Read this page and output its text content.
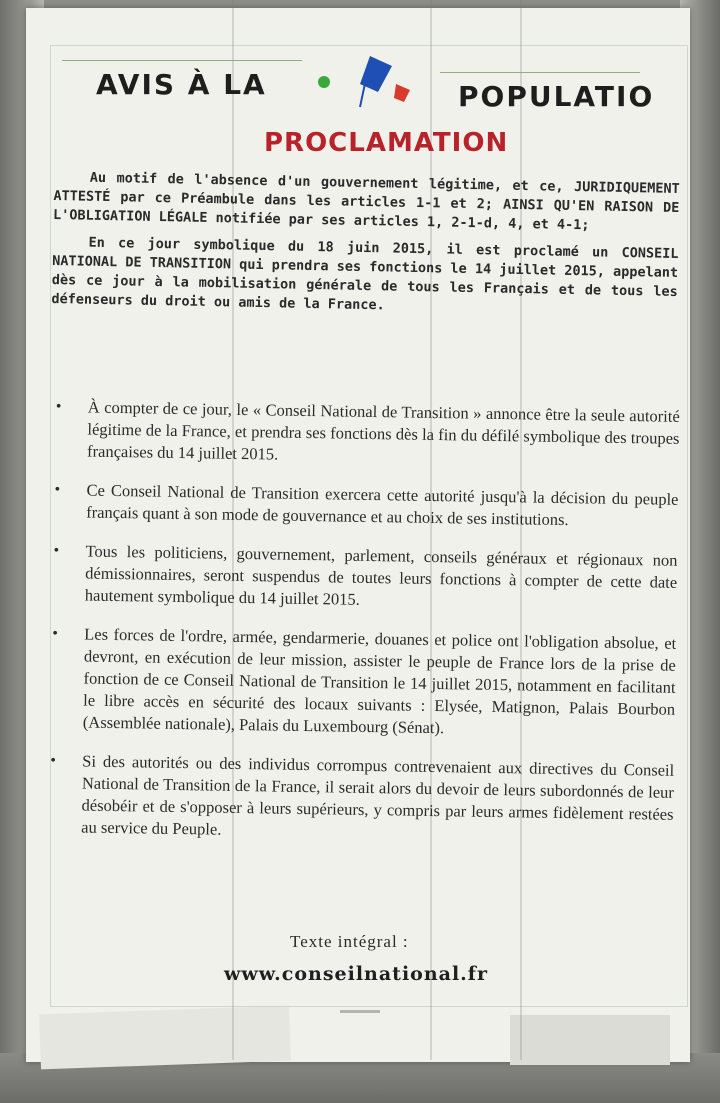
AVIS À LA	POPULATIO
PROCLAMATION

Au motif de l'absence d'un gouvernement légitime, et ce, JURIDIQUEMENT ATTESTÉ par ce Préambule dans les articles 1-1 et 2; AINSI QU'EN RAISON DE L'OBLIGATION LÉGALE notifiée par ses articles 1, 2-1-d, 4, et 4-1;

En ce jour symbolique du 18 juin 2015, il est proclamé un CONSEIL NATIONAL DE TRANSITION qui prendra ses fonctions le 14 juillet 2015, appelant dès ce jour à la mobilisation générale de tous les Français et de tous les défenseurs du droit ou amis de la France.

• À compter de ce jour, le « Conseil National de Transition » annonce être la seule autorité légitime de la France, et prendra ses fonctions dès la fin du défilé symbolique des troupes françaises du 14 juillet 2015.
• Ce Conseil National de Transition exercera cette autorité jusqu'à la décision du peuple français quant à son mode de gouvernance et au choix de ses institutions.
• Tous les politiciens, gouvernement, parlement, conseils généraux et régionaux non démissionnaires, seront suspendus de toutes leurs fonctions à compter de cette date hautement symbolique du 14 juillet 2015.
• Les forces de l'ordre, armée, gendarmerie, douanes et police ont l'obligation absolue, et devront, en exécution de leur mission, assister le peuple de France lors de la prise de fonction de ce Conseil National de Transition le 14 juillet 2015, notamment en facilitant le libre accès en sécurité des locaux suivants : Elysée, Matignon, Palais Bourbon (Assemblée nationale), Palais du Luxembourg (Sénat).
• Si des autorités ou des individus corrompus contrevenaient aux directives du Conseil National de Transition de la France, il serait alors du devoir de leurs subordonnés de leur désobéir et de s'opposer à leurs supérieurs, y compris par leurs armes fidèlement restées au service du Peuple.
Texte intégral :
www.conseilnational.fr
